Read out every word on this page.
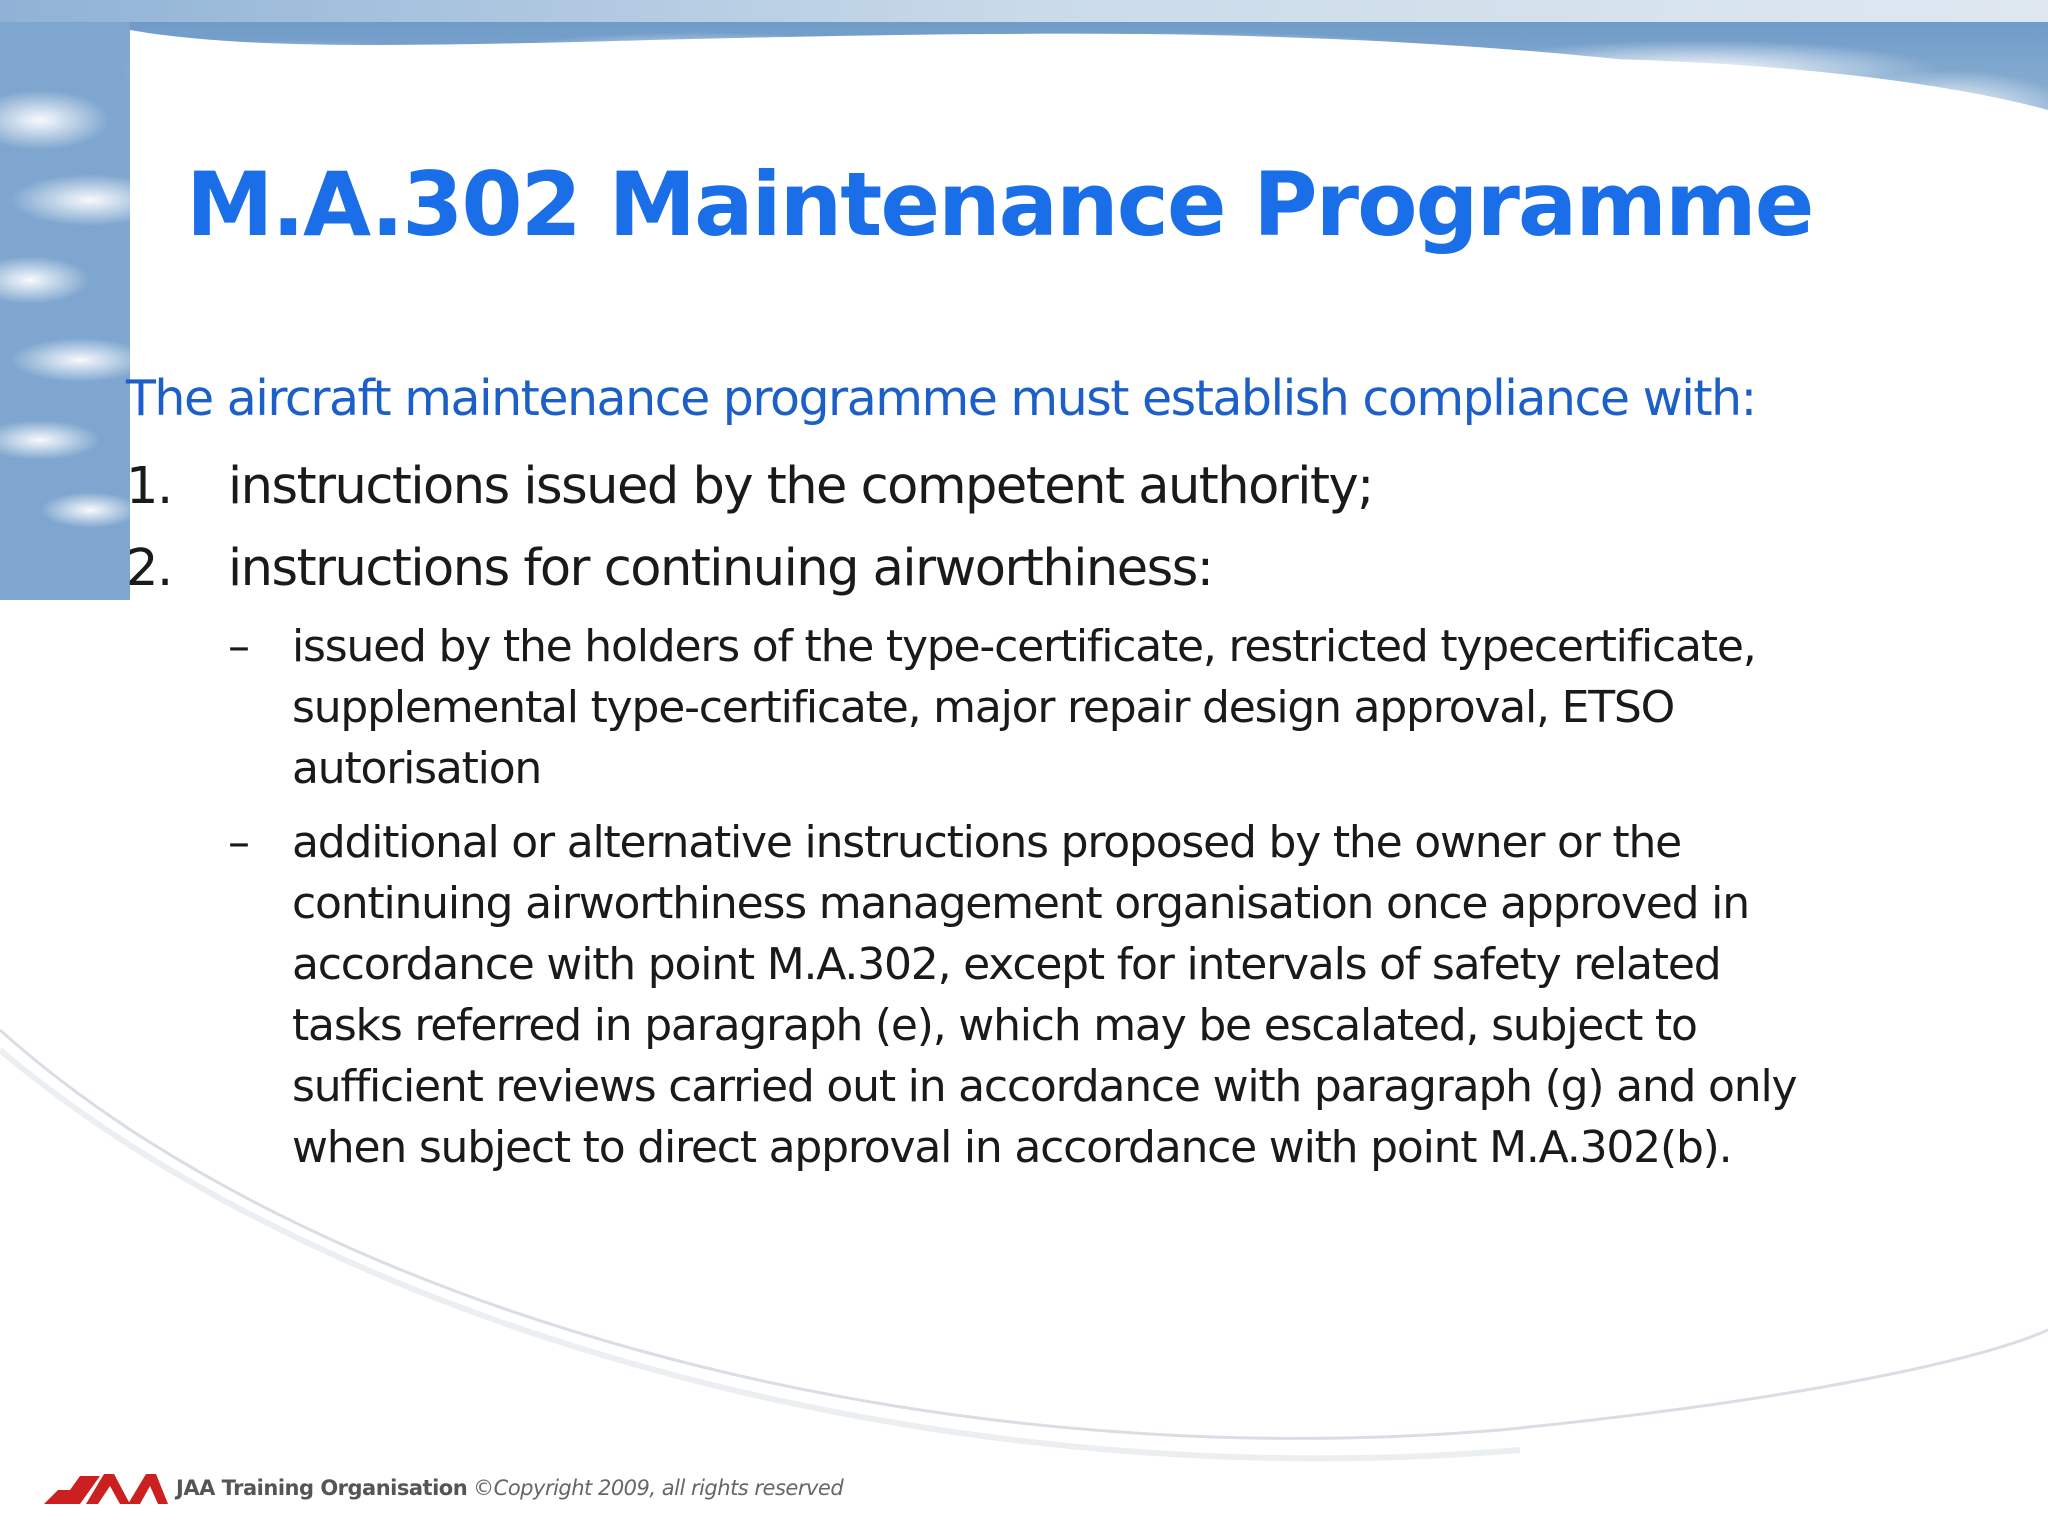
M.A.302 Maintenance Programme
The aircraft maintenance programme must establish compliance with:
1. instructions issued by the competent authority;
2. instructions for continuing airworthiness:
– issued by the holders of the type-certificate, restricted typecertificate,
supplemental type-certificate, major repair design approval, ETSO
autorisation
– additional or alternative instructions proposed by the owner or the
continuing airworthiness management organisation once approved in
accordance with point M.A.302, except for intervals of safety related
tasks referred in paragraph (e), which may be escalated, subject to
sufficient reviews carried out in accordance with paragraph (g) and only
when subject to direct approval in accordance with point M.A.302(b).
JAA
JAA Training Organisation ©Copyright 2009, all rights reserved
